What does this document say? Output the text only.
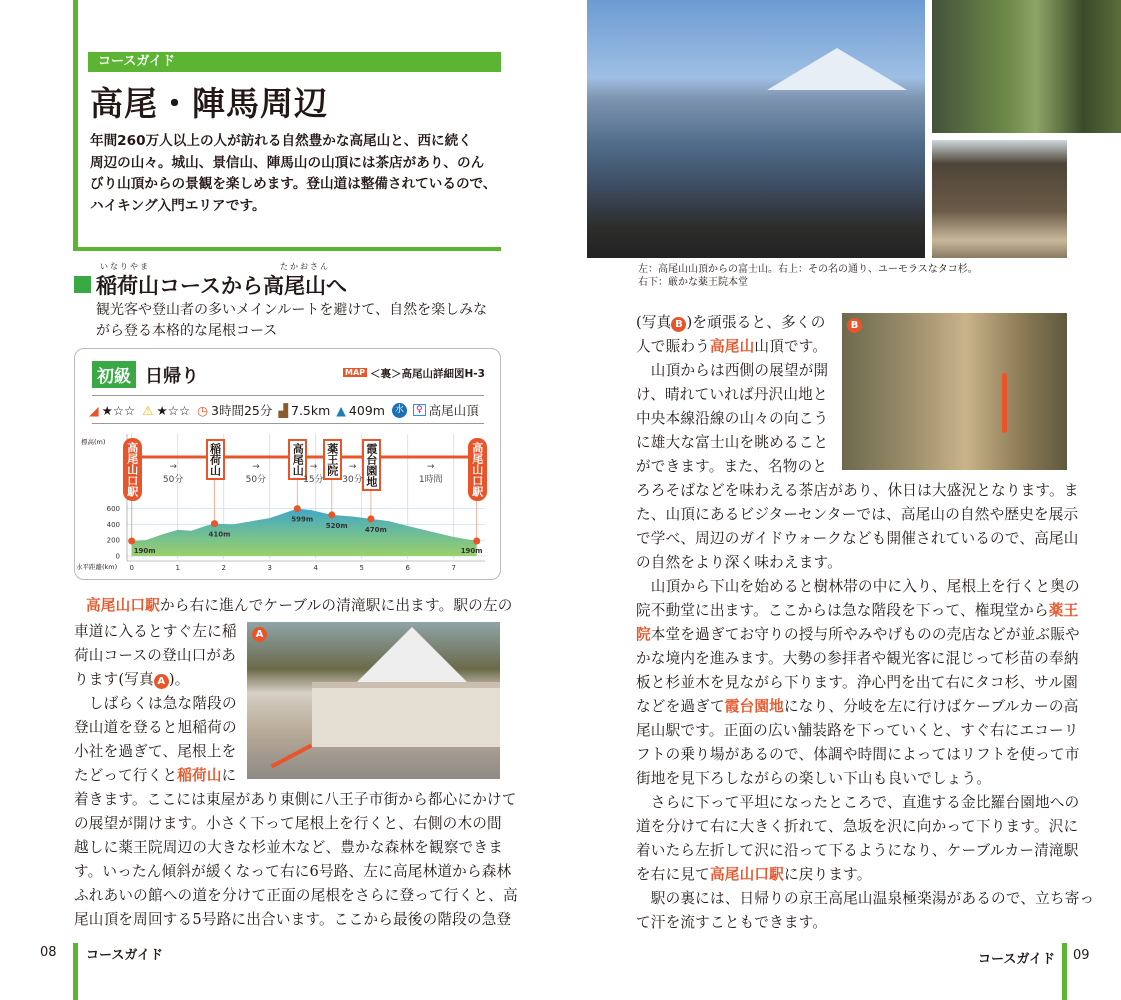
コースガイド
高尾・陣馬周辺
年間260万人以上の人が訪れる自然豊かな高尾山と、西に続く
周辺の山々。城山、景信山、陣馬山の山頂には茶店があり、のん
びり山頂からの景観を楽しめます。登山道は整備されているので、
ハイキング入門エリアです。
いなりやま	たかおさん
稲荷山コースから高尾山へ
観光客や登山者の多いメインルートを避けて、自然を楽しみな
がら登る本格的な尾根コース
初級 日帰り	MAP ＜裏＞高尾山詳細図H-3
◢ ★☆☆ ⚠ ★☆☆ ◷ 3時間25分 ▟ 7.5km ▲ 409m	水	♀ 高尾山頂
標高(m)
水平距離(km) 0	1	2	3	4	5	6	7
0
200
400
600
190m
410m
599m
520m 470m
190m
高尾山口駅	稲荷山	高尾山 薬王院 霞台園地	高尾山口駅
→
50分
→
50分
→
15分
→
30分
→
1時間
高尾山口駅から右に進んでケーブルの清滝駅に出ます。駅の左の
車道に入るとすぐ左に稲
荷山コースの登山口があ
ります(写真 A )。
　しばらくは急な階段の
登山道を登ると旭稲荷の
小社を過ぎて、尾根上を
たどって行くと稲荷山に
着きます。ここには東屋があり東側に八王子市街から都心にかけて
の展望が開けます。小さく下って尾根上を行くと、右側の木の間
越しに薬王院周辺の大きな杉並木など、豊かな森林を観察できま
す。いったん傾斜が緩くなって右に6号路、左に高尾林道から森林
ふれあいの館への道を分けて正面の尾根をさらに登って行くと、高
尾山頂を周回する5号路に出合います。ここから最後の階段の急登
A
左：高尾山山頂からの富士山。右上：その名の通り、ユーモラスなタコ杉。
右下：厳かな薬王院本堂
B
(写真 B )を頑張ると、多くの
人で賑わう高尾山山頂です。
　山頂からは西側の展望が開
け、晴れていれば丹沢山地と
中央本線沿線の山々の向こう
に雄大な富士山を眺めること
ができます。また、名物のと
ろろそばなどを味わえる茶店があり、休日は大盛況となります。ま
た、山頂にあるビジターセンターでは、高尾山の自然や歴史を展示
で学べ、周辺のガイドウォークなども開催されているので、高尾山
の自然をより深く味わえます。
　山頂から下山を始めると樹林帯の中に入り、尾根上を行くと奥の
院不動堂に出ます。ここからは急な階段を下って、権現堂から薬王
院本堂を過ぎてお守りの授与所やみやげものの売店などが並ぶ賑や
かな境内を進みます。大勢の参拝者や観光客に混じって杉苗の奉納
板と杉並木を見ながら下ります。浄心門を出て右にタコ杉、サル園
などを過ぎて霞台園地になり、分岐を左に行けばケーブルカーの高
尾山駅です。正面の広い舗装路を下っていくと、すぐ右にエコーリ
フトの乗り場があるので、体調や時間によってはリフトを使って市
街地を見下ろしながらの楽しい下山も良いでしょう。
　さらに下って平坦になったところで、直進する金比羅台園地への
道を分けて右に大きく折れて、急坂を沢に向かって下ります。沢に
着いたら左折して沢に沿って下るようになり、ケーブルカー清滝駅
を右に見て高尾山口駅に戻ります。
　駅の裏には、日帰りの京王高尾山温泉極楽湯があるので、立ち寄っ
て汗を流すこともできます。
08 コースガイド	コースガイド 09
